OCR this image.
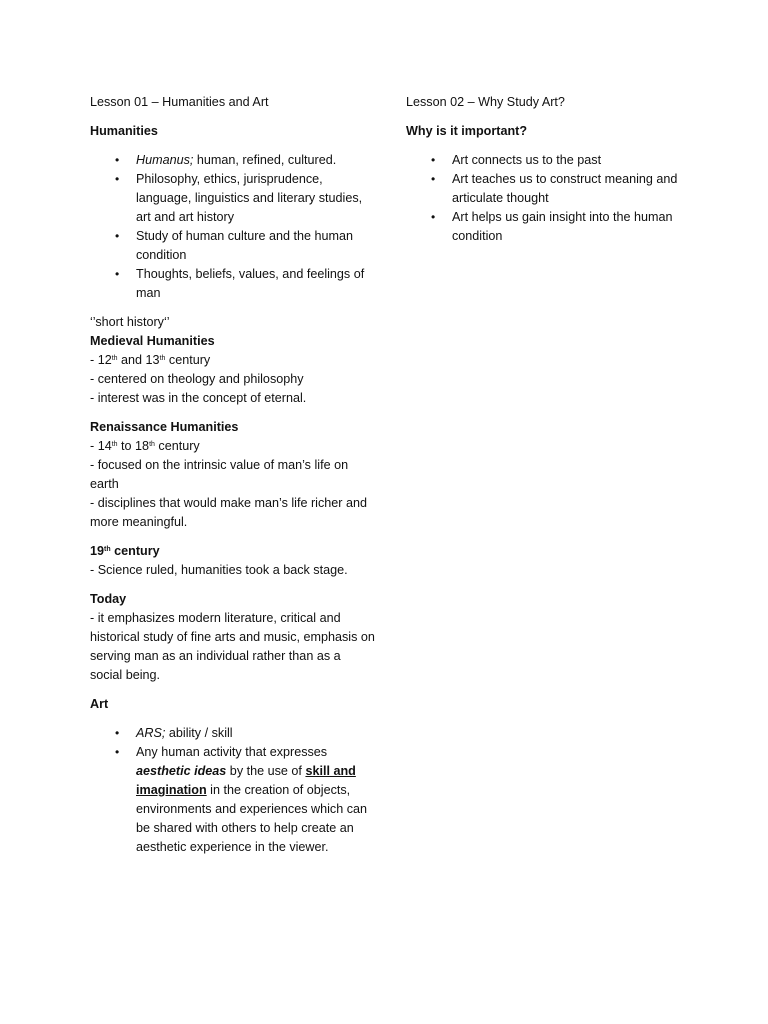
Lesson 01 – Humanities and Art

Humanities

• Humanus; human, refined, cultured.
• Philosophy, ethics, jurisprudence, language, linguistics and literary studies, art and art history
• Study of human culture and the human condition
• Thoughts, beliefs, values, and feelings of man

‘’short history‘’

Medieval Humanities

- 12th and 13th century

- centered on theology and philosophy

- interest was in the concept of eternal.

Renaissance Humanities

- 14th to 18th century

- focused on the intrinsic value of man’s life on earth

- disciplines that would make man’s life richer and more meaningful.

19th century

- Science ruled, humanities took a back stage.

Today

- it emphasizes modern literature, critical and historical study of fine arts and music, emphasis on serving man as an individual rather than as a social being.

Art

• ARS; ability / skill
• Any human activity that expresses aesthetic ideas by the use of skill and imagination in the creation of objects, environments and experiences which can be shared with others to help create an aesthetic experience in the viewer.

Lesson 02 – Why Study Art?

Why is it important?

• Art connects us to the past
• Art teaches us to construct meaning and articulate thought
• Art helps us gain insight into the human condition
